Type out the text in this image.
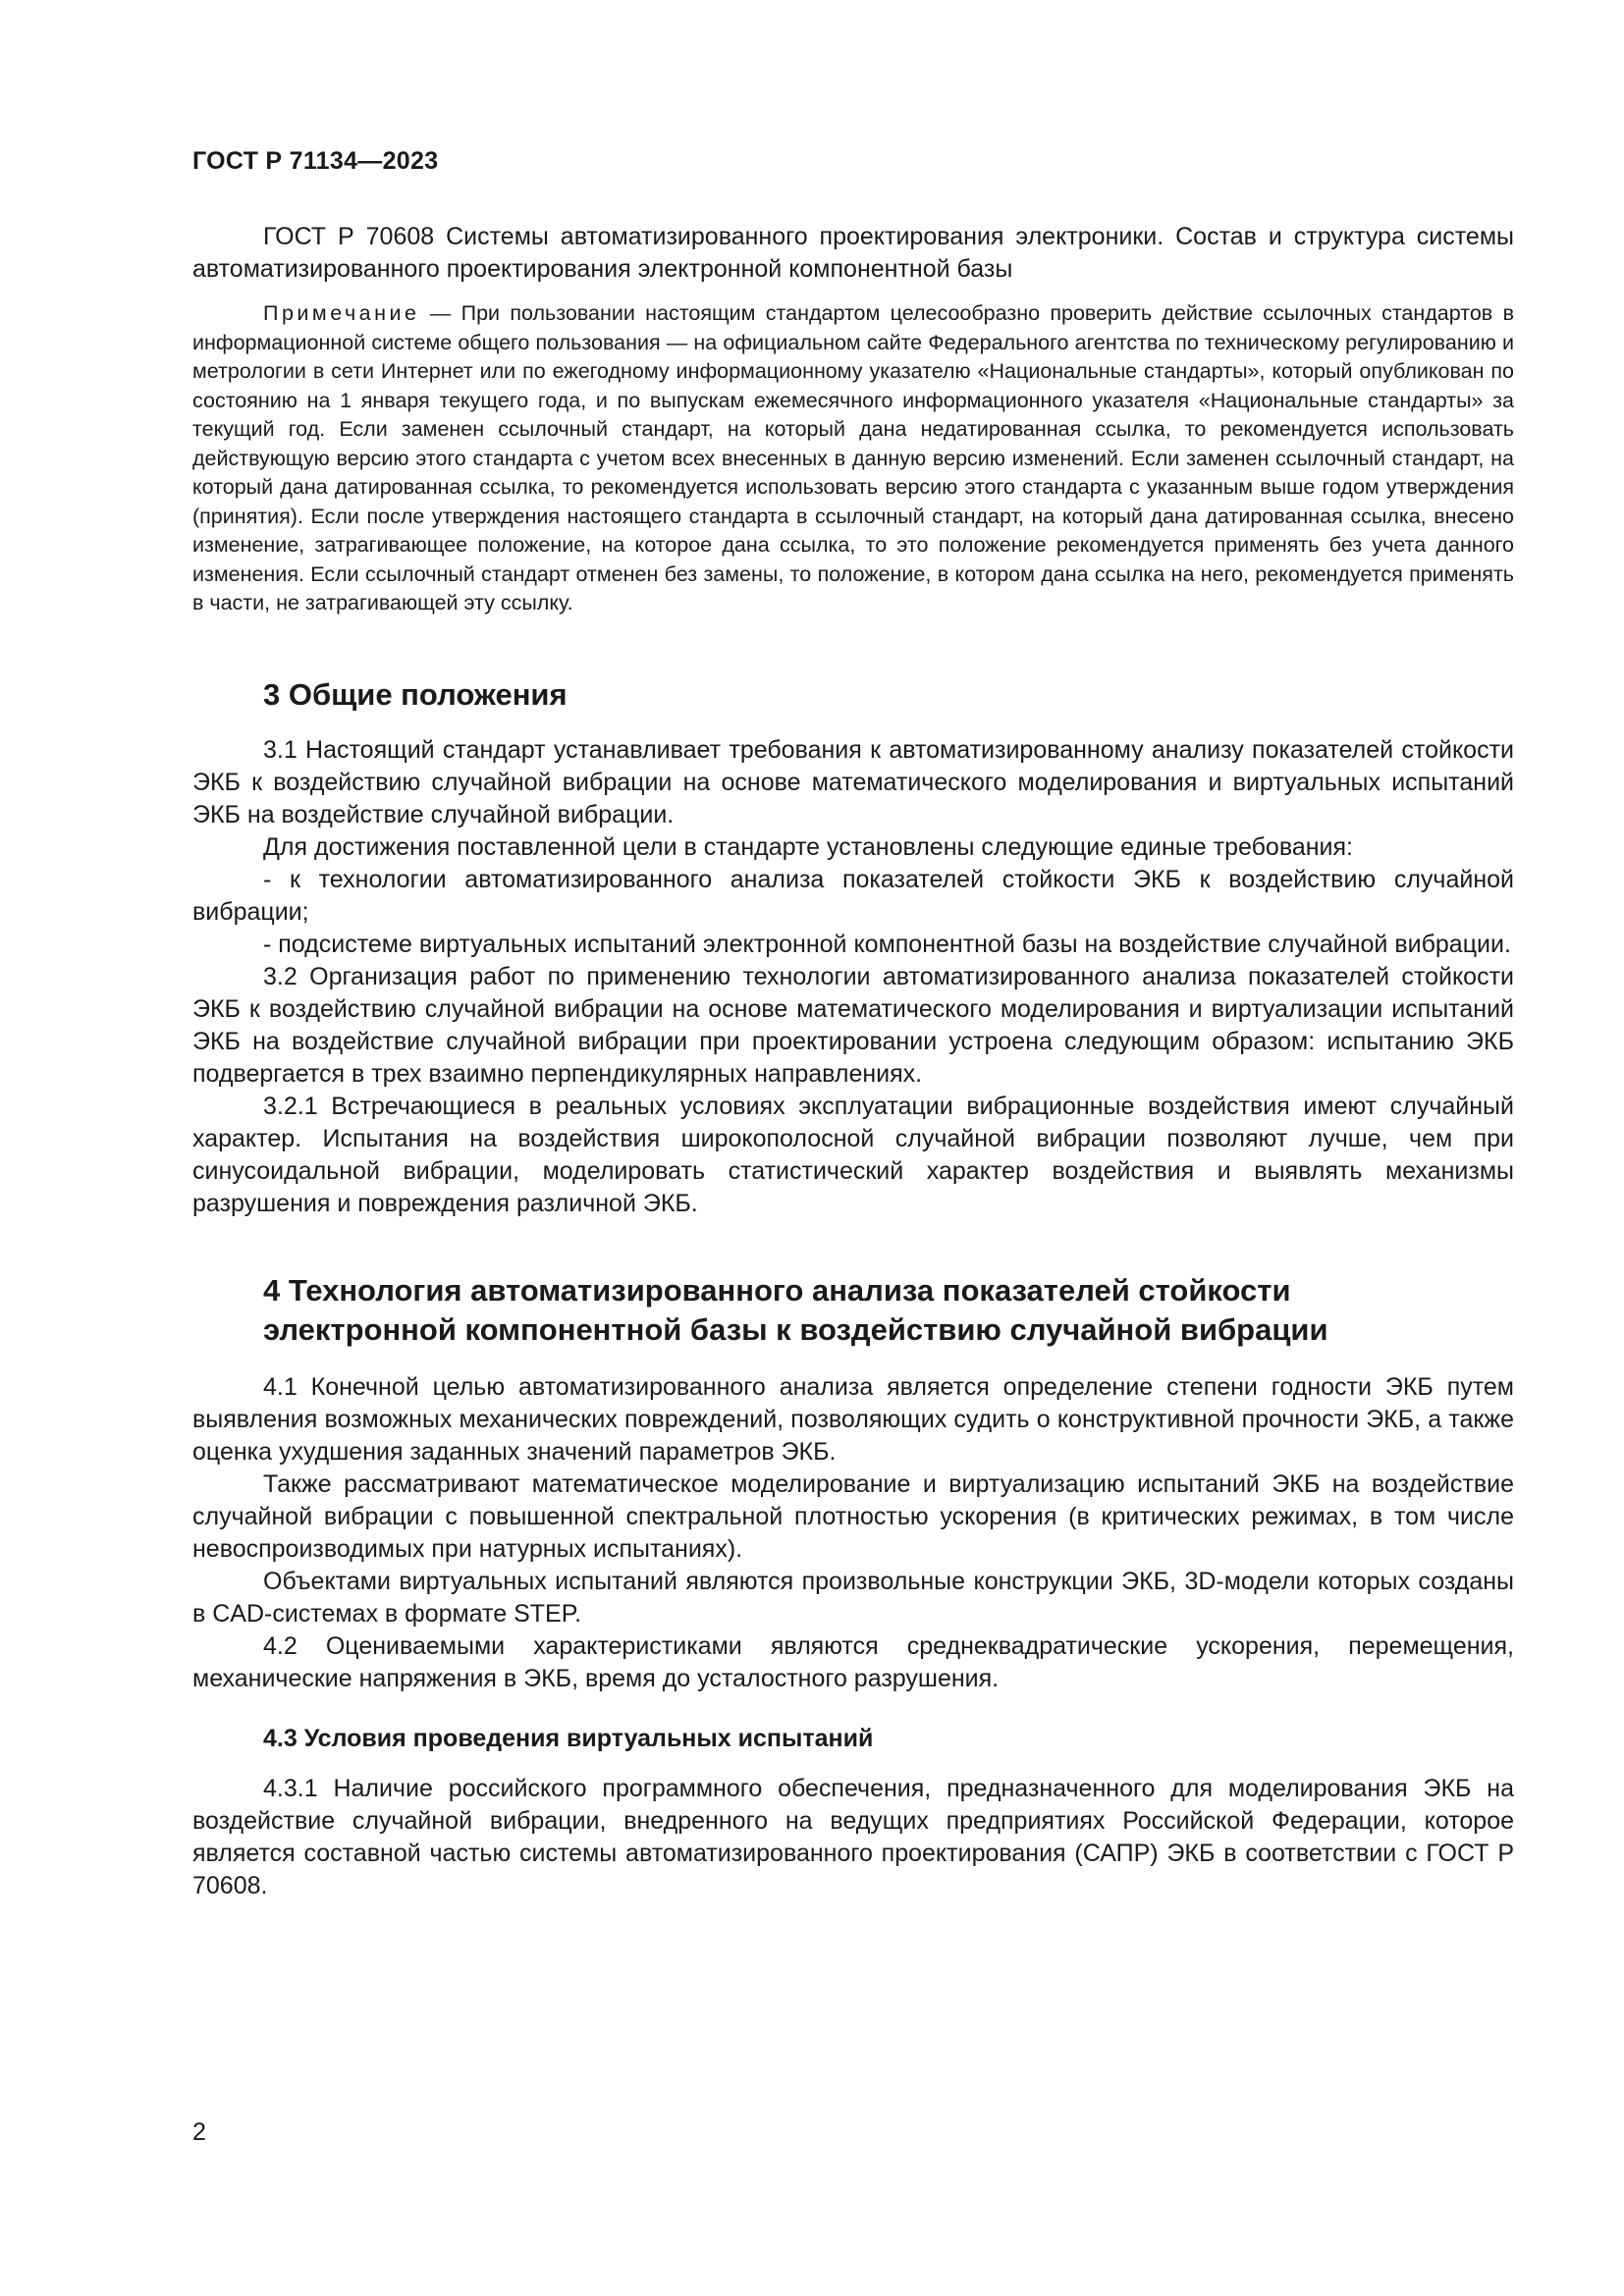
ГОСТ Р 71134—2023

ГОСТ Р 70608 Системы автоматизированного проектирования электроники. Состав и структура системы автоматизированного проектирования электронной компонентной базы

Примечание — При пользовании настоящим стандартом целесообразно проверить действие ссылочных стандартов в информационной системе общего пользования — на официальном сайте Федерального агентства по техническому регулированию и метрологии в сети Интернет или по ежегодному информационному указателю «Национальные стандарты», который опубликован по состоянию на 1 января текущего года, и по выпускам ежемесячного информационного указателя «Национальные стандарты» за текущий год. Если заменен ссылочный стандарт, на который дана недатированная ссылка, то рекомендуется использовать действующую версию этого стандарта с учетом всех внесенных в данную версию изменений. Если заменен ссылочный стандарт, на который дана датированная ссылка, то рекомендуется использовать версию этого стандарта с указанным выше годом утверждения (принятия). Если после утверждения настоящего стандарта в ссылочный стандарт, на который дана датированная ссылка, внесено изменение, затрагивающее положение, на которое дана ссылка, то это положение рекомендуется применять без учета данного изменения. Если ссылочный стандарт отменен без замены, то положение, в котором дана ссылка на него, рекомендуется применять в части, не затрагивающей эту ссылку.

3 Общие положения

3.1 Настоящий стандарт устанавливает требования к автоматизированному анализу показателей стойкости ЭКБ к воздействию случайной вибрации на основе математического моделирования и виртуальных испытаний ЭКБ на воздействие случайной вибрации.

Для достижения поставленной цели в стандарте установлены следующие единые требования:

- к технологии автоматизированного анализа показателей стойкости ЭКБ к воздействию случайной вибрации;

- подсистеме виртуальных испытаний электронной компонентной базы на воздействие случайной вибрации.

3.2 Организация работ по применению технологии автоматизированного анализа показателей стойкости ЭКБ к воздействию случайной вибрации на основе математического моделирования и виртуализации испытаний ЭКБ на воздействие случайной вибрации при проектировании устроена следующим образом: испытанию ЭКБ подвергается в трех взаимно перпендикулярных направлениях.

3.2.1 Встречающиеся в реальных условиях эксплуатации вибрационные воздействия имеют случайный характер. Испытания на воздействия широкополосной случайной вибрации позволяют лучше, чем при синусоидальной вибрации, моделировать статистический характер воздействия и выявлять механизмы разрушения и повреждения различной ЭКБ.

4 Технология автоматизированного анализа показателей стойкости
электронной компонентной базы к воздействию случайной вибрации

4.1 Конечной целью автоматизированного анализа является определение степени годности ЭКБ путем выявления возможных механических повреждений, позволяющих судить о конструктивной прочности ЭКБ, а также оценка ухудшения заданных значений параметров ЭКБ.

Также рассматривают математическое моделирование и виртуализацию испытаний ЭКБ на воздействие случайной вибрации с повышенной спектральной плотностью ускорения (в критических режимах, в том числе невоспроизводимых при натурных испытаниях).

Объектами виртуальных испытаний являются произвольные конструкции ЭКБ, 3D-модели которых созданы в CAD-системах в формате STEP.

4.2 Оцениваемыми характеристиками являются среднеквадратические ускорения, перемещения, механические напряжения в ЭКБ, время до усталостного разрушения.

4.3 Условия проведения виртуальных испытаний

4.3.1 Наличие российского программного обеспечения, предназначенного для моделирования ЭКБ на воздействие случайной вибрации, внедренного на ведущих предприятиях Российской Федерации, которое является составной частью системы автоматизированного проектирования (САПР) ЭКБ в соответствии с ГОСТ Р 70608.

2
